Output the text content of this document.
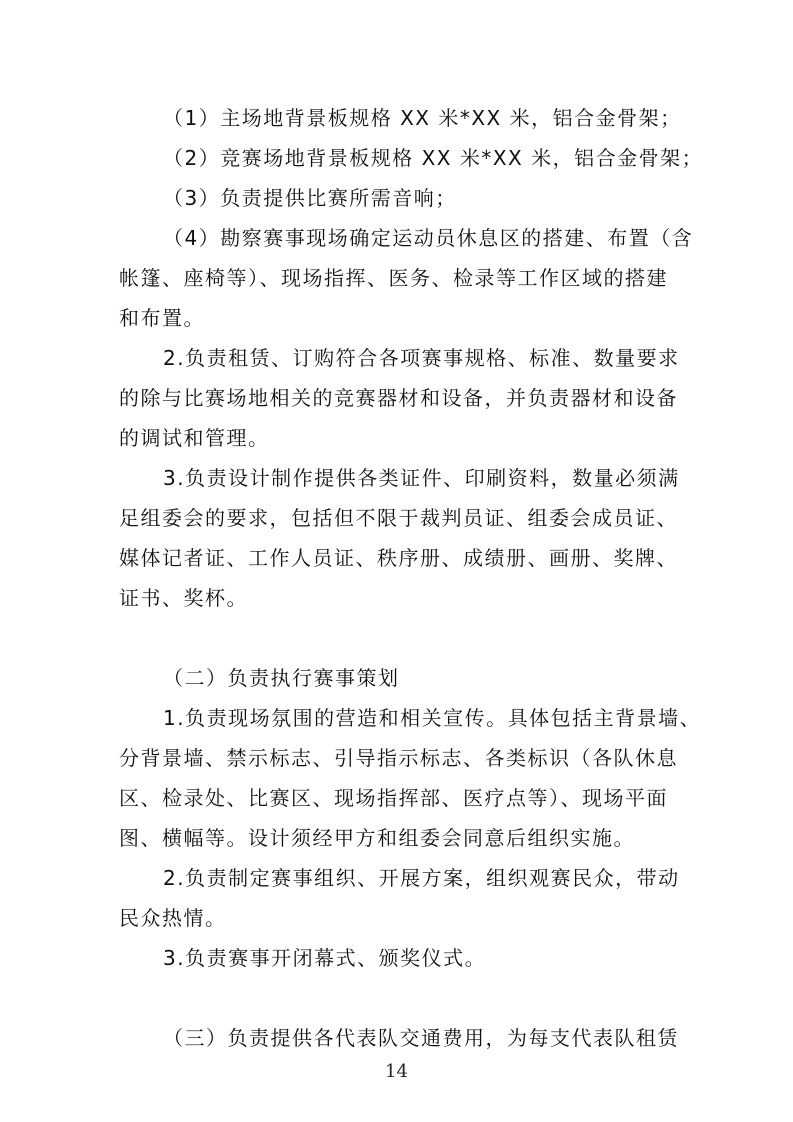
（1）主场地背景板规格 XX 米*XX 米，铝合金骨架；
（2）竞赛场地背景板规格 XX 米*XX 米，铝合金骨架；
（3）负责提供比赛所需音响；
（4）勘察赛事现场确定运动员休息区的搭建、布置（含
帐篷、座椅等）、现场指挥、医务、检录等工作区域的搭建
和布置。
2.负责租赁、订购符合各项赛事规格、标准、数量要求
的除与比赛场地相关的竞赛器材和设备，并负责器材和设备
的调试和管理。
3.负责设计制作提供各类证件、印刷资料，数量必须满
足组委会的要求，包括但不限于裁判员证、组委会成员证、
媒体记者证、工作人员证、秩序册、成绩册、画册、奖牌、
证书、奖杯。
（二）负责执行赛事策划
1.负责现场氛围的营造和相关宣传。具体包括主背景墙、
分背景墙、禁示标志、引导指示标志、各类标识（各队休息
区、检录处、比赛区、现场指挥部、医疗点等）、现场平面
图、横幅等。设计须经甲方和组委会同意后组织实施。
2.负责制定赛事组织、开展方案，组织观赛民众，带动
民众热情。
3.负责赛事开闭幕式、颁奖仪式。
（三）负责提供各代表队交通费用，为每支代表队租赁
14
